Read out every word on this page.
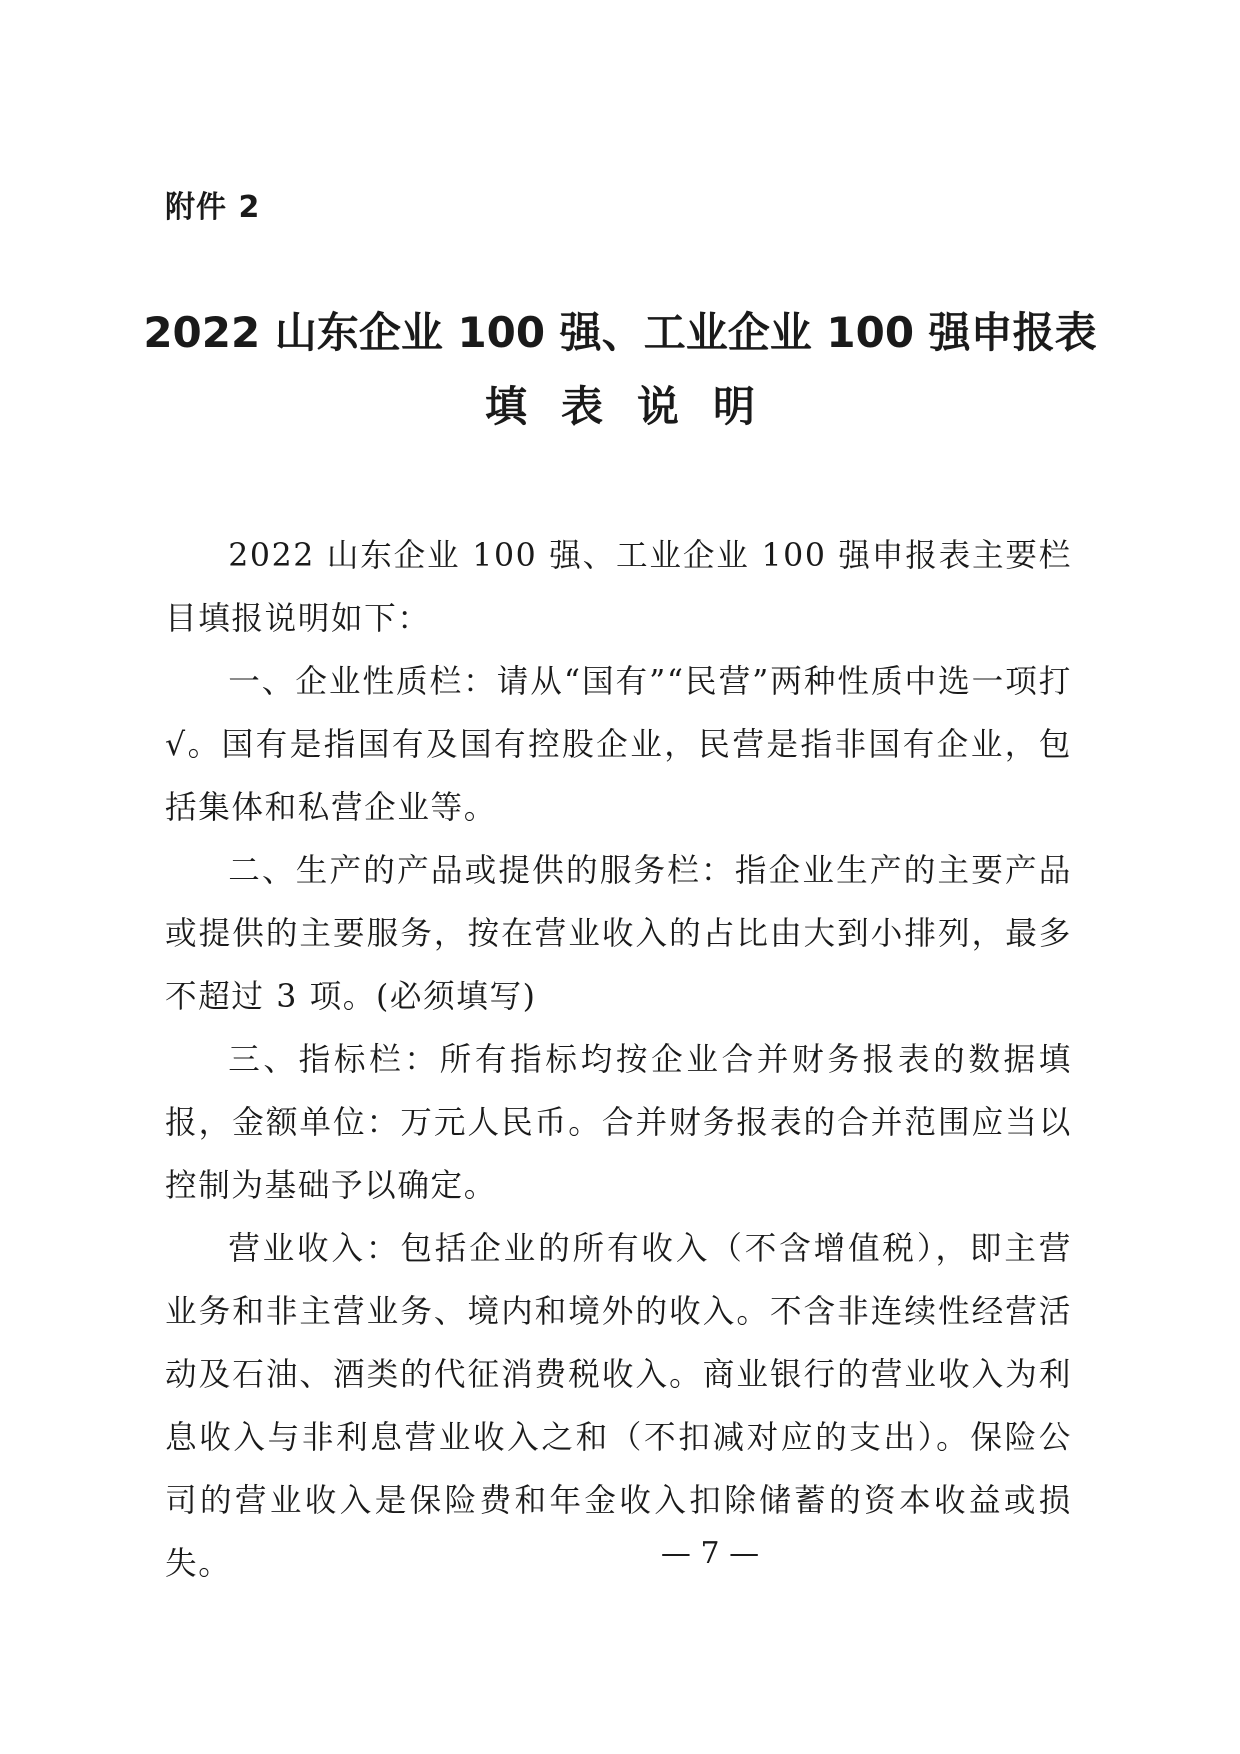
附件 2
2022 山东企业 100 强、工业企业 100 强申报表
填表说明

2022 山东企业 100 强、工业企业 100 强申报表主要栏目填报说明如下：

一、企业性质栏：请从“国有”“民营”两种性质中选一项打√。国有是指国有及国有控股企业，民营是指非国有企业，包括集体和私营企业等。

二、生产的产品或提供的服务栏：指企业生产的主要产品或提供的主要服务，按在营业收入的占比由大到小排列，最多不超过 3 项。(必须填写)

三、指标栏：所有指标均按企业合并财务报表的数据填报，金额单位：万元人民币。合并财务报表的合并范围应当以控制为基础予以确定。

营业收入：包括企业的所有收入（不含增值税），即主营业务和非主营业务、境内和境外的收入。不含非连续性经营活动及石油、酒类的代征消费税收入。商业银行的营业收入为利息收入与非利息营业收入之和（不扣减对应的支出）。保险公司的营业收入是保险费和年金收入扣除储蓄的资本收益或损失。	— 7 —
